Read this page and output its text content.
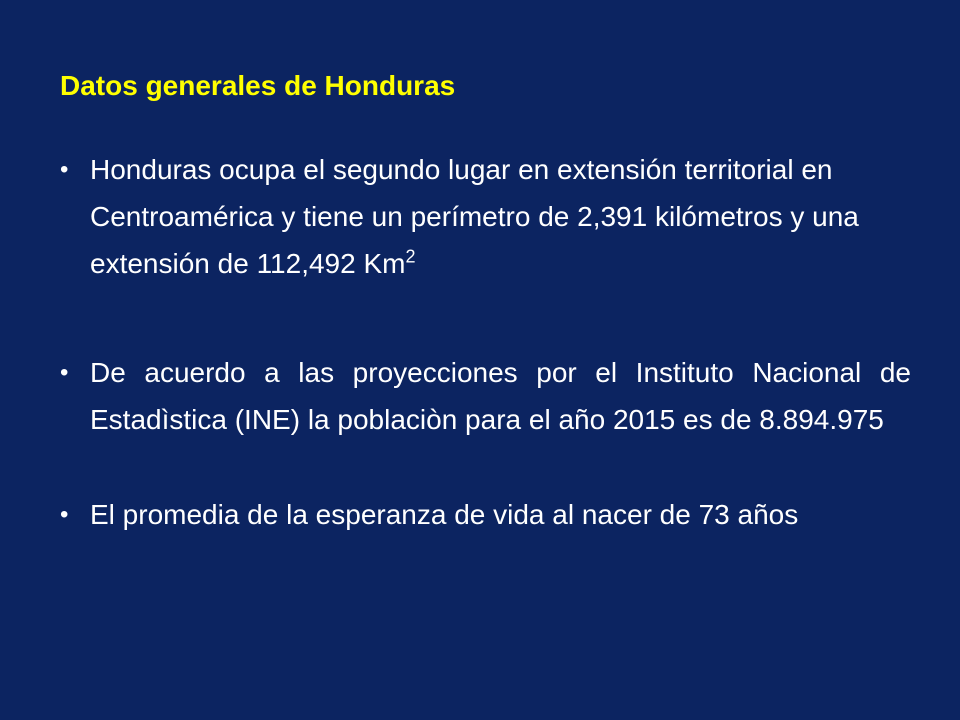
Datos generales de Honduras
• Honduras ocupa el segundo lugar en extensión territorial en Centroamérica y tiene un perímetro de 2,391 kilómetros y una extensión de 112,492 Km$^2$
• De acuerdo a las proyecciones por el Instituto Nacional de Estadìstica (INE) la poblaciòn para el año 2015 es de 8.894.975
• El promedia de la esperanza de vida al nacer de 73 años
